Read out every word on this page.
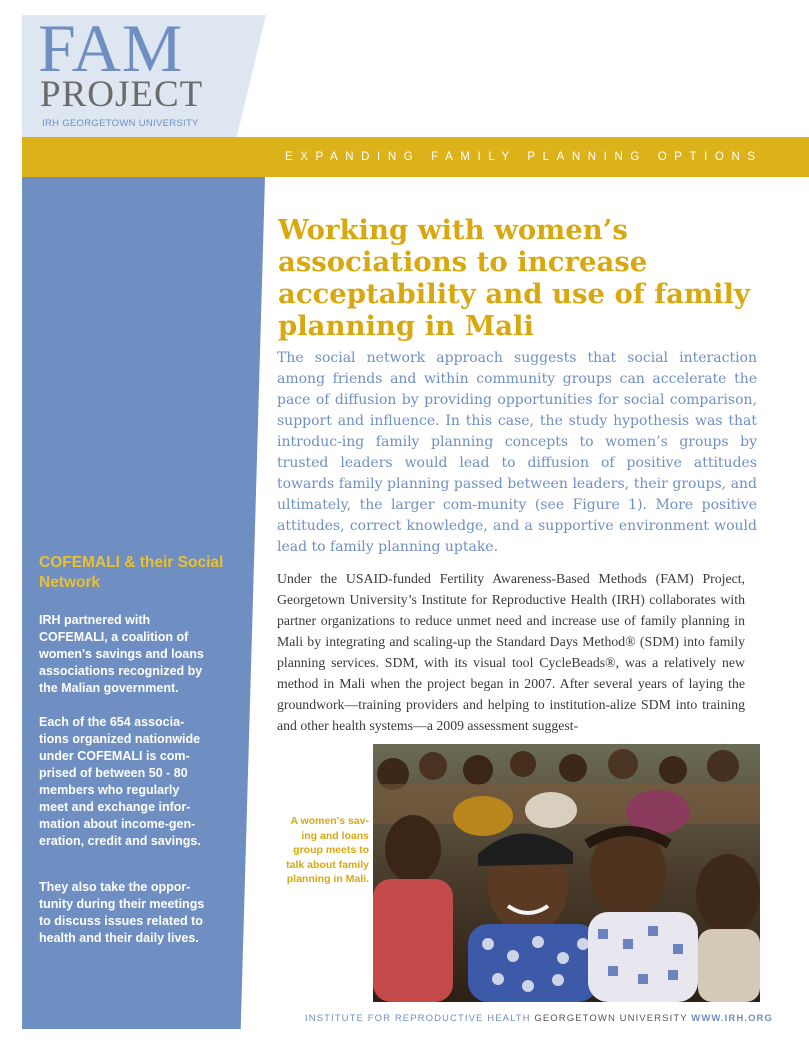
FAM
PROJECT
IRH GEORGETOWN UNIVERSITY
EXPANDING FAMILY PLANNING OPTIONS
COFEMALI & their Social Network
IRH partnered with COFEMALI, a coalition of women's savings and loans associations recognized by the Malian government.
Each of the 654 associa-tions organized nationwide under COFEMALI is com-prised of between 50 - 80 members who regularly meet and exchange infor-mation about income-gen-eration, credit and savings.
They also take the oppor-tunity during their meetings to discuss issues related to health and their daily lives.
Working with women’s associations to increase acceptability and use of family planning in Mali

The social network approach suggests that social interaction among friends and within community groups can accelerate the pace of diffusion by providing opportunities for social comparison, support and influence. In this case, the study hypothesis was that introduc-ing family planning concepts to women’s groups by trusted leaders would lead to diffusion of positive attitudes towards family planning passed between leaders, their groups, and ultimately, the larger com-munity (see Figure 1). More positive attitudes, correct knowledge, and a supportive environment would lead to family planning uptake.

Under the USAID-funded Fertility Awareness-Based Methods (FAM) Project, Georgetown University’s Institute for Reproductive Health (IRH) collaborates with partner organizations to reduce unmet need and increase use of family planning in Mali by integrating and scaling-up the Standard Days Method® (SDM) into family planning services. SDM, with its visual tool CycleBeads®, was a relatively new method in Mali when the project began in 2007. After several years of laying the groundwork—training providers and helping to institution-alize SDM into training and other health systems—a 2009 assessment suggest-

A women's sav-ing and loans group meets to talk about family planning in Mali.

INSTITUTE FOR REPRODUCTIVE HEALTH GEORGETOWN UNIVERSITY WWW.IRH.ORG
